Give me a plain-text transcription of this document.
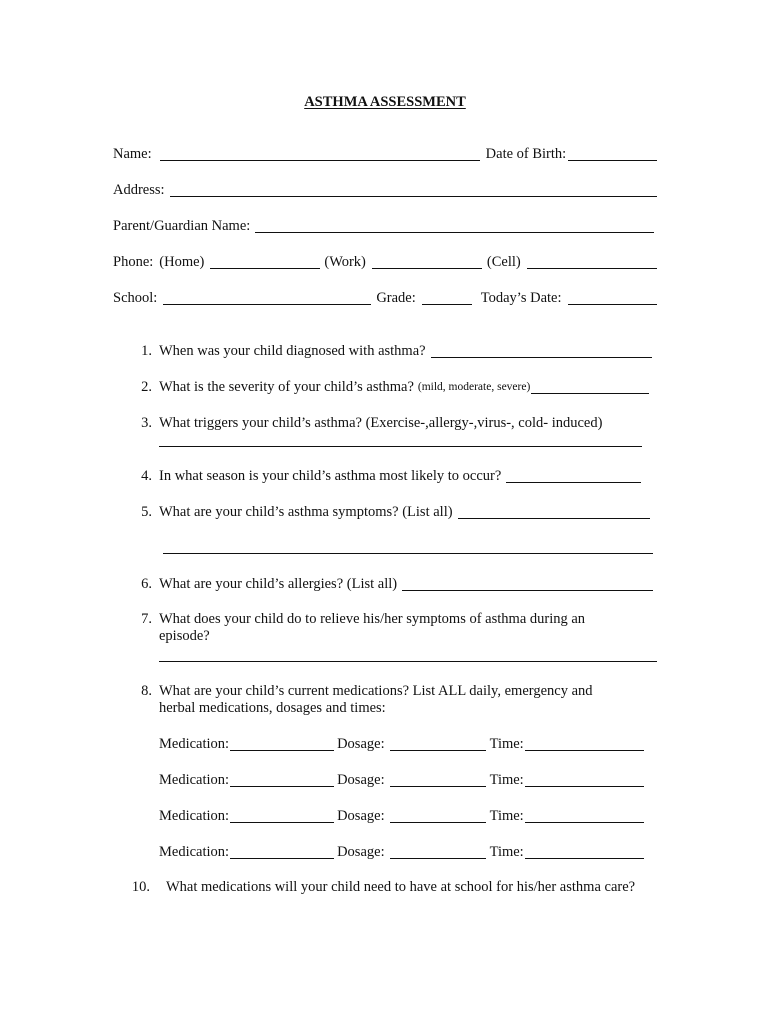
ASTHMA ASSESSMENT
Name:	Date of Birth:
Address:
Parent/Guardian Name:
Phone: (Home)	(Work)	(Cell)
School:	Grade:	Today’s Date:
1. When was your child diagnosed with asthma?
2. What is the severity of your child’s asthma? (mild, moderate, severe)
3. What triggers your child’s asthma? (Exercise-,allergy-,virus-, cold- induced)
4. In what season is your child’s asthma most likely to occur?
5. What are your child’s asthma symptoms? (List all)
6. What are your child’s allergies? (List all)
7. What does your child do to relieve his/her symptoms of asthma during an
episode?
8. What are your child’s current medications? List ALL daily, emergency and
herbal medications, dosages and times:
Medication:	Dosage:	Time:
Medication:	Dosage:	Time:
Medication:	Dosage:	Time:
Medication:	Dosage:	Time:
10. What medications will your child need to have at school for his/her asthma care?
